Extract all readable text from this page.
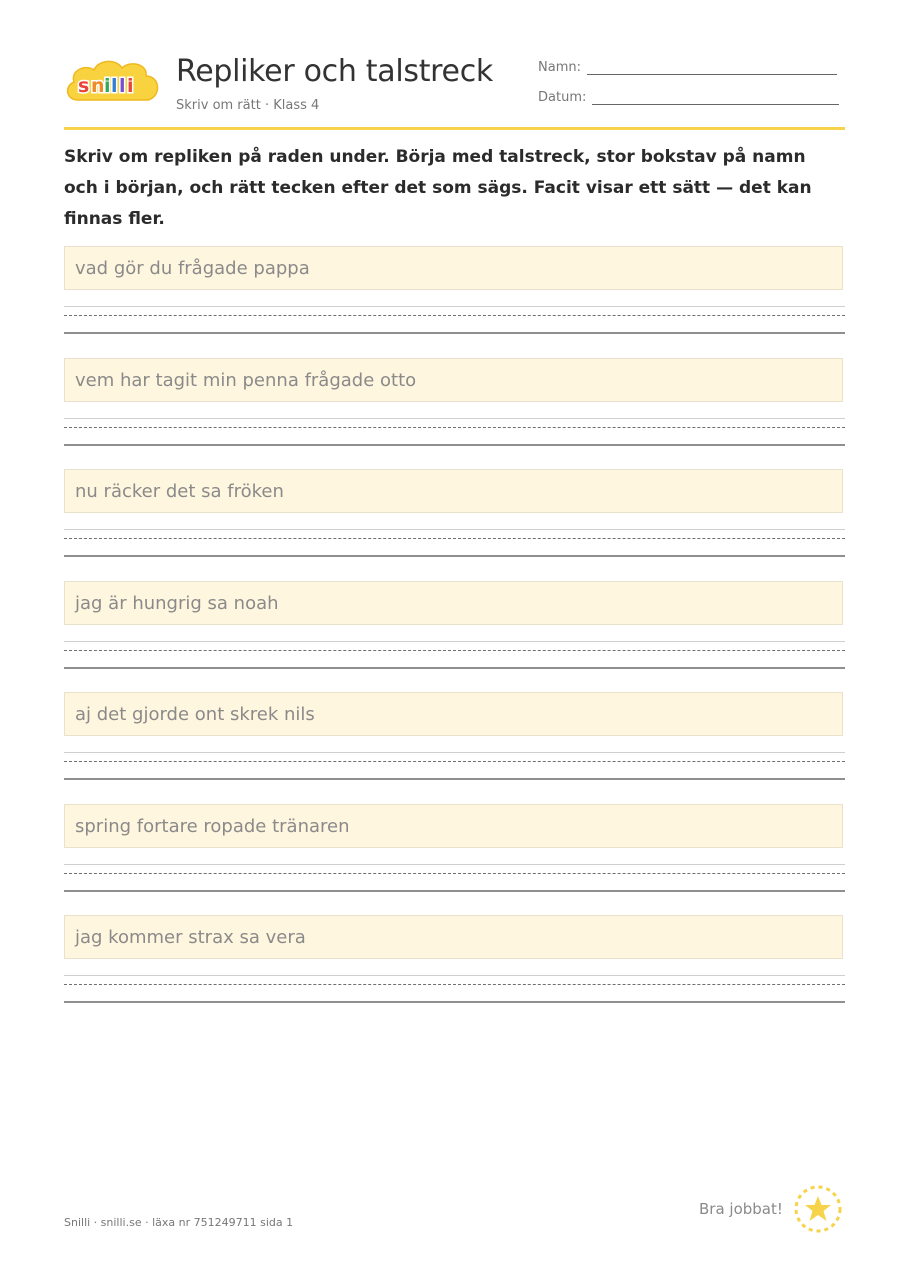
s n i l l i Repliker och talstreck
Skriv om rätt · Klass 4
Namn:
Datum:

Skriv om repliken på raden under. Börja med talstreck, stor bokstav på namn och i början, och rätt tecken efter det som sägs. Facit visar ett sätt — det kan finnas fler.

vad gör du frågade pappa
vem har tagit min penna frågade otto
nu räcker det sa fröken
jag är hungrig sa noah
aj det gjorde ont skrek nils
spring fortare ropade tränaren
jag kommer strax sa vera
Snilli · snilli.se · läxa nr 751249711 sida 1
Bra jobbat!
